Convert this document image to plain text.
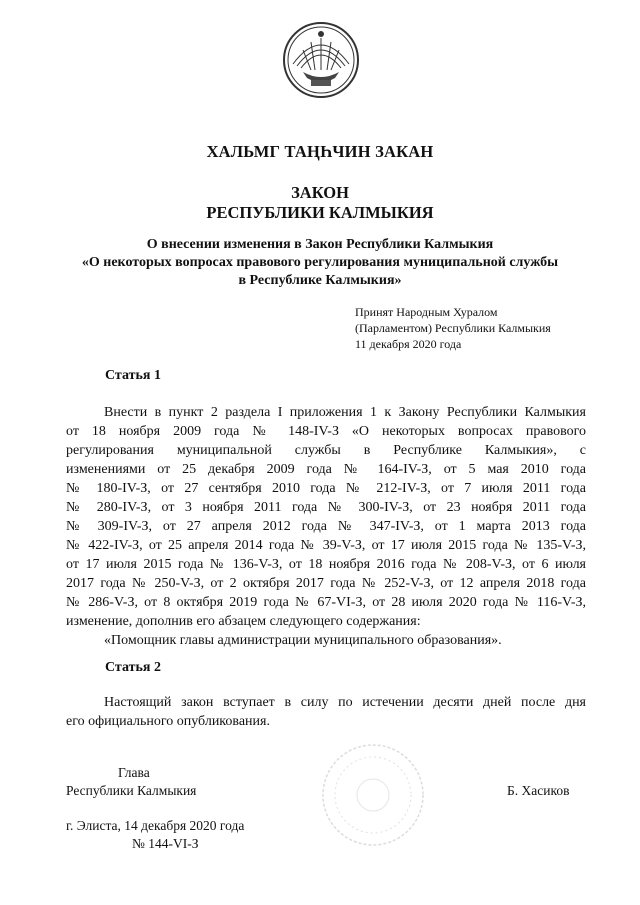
ХАЛЬМГ ТАҢҺЧИН ЗАКАН
ЗАКОН
РЕСПУБЛИКИ КАЛМЫКИЯ
О внесении изменения в Закон Республики Калмыкия
«О некоторых вопросах правового регулирования муниципальной службы
в Республике Калмыкия»
Принят Народным Хуралом
(Парламентом) Республики Калмыкия
11 декабря 2020 года
Статья 1
Внести в пункт 2 раздела I приложения 1 к Закону Республики Калмыкия
от 18 ноября 2009 года № 148-IV-З «О некоторых вопросах правового
регулирования муниципальной службы в Республике Калмыкия», с
изменениями от 25 декабря 2009 года № 164-IV-З, от 5 мая 2010 года
№ 180-IV-З, от 27 сентября 2010 года № 212-IV-З, от 7 июля 2011 года
№ 280-IV-З, от 3 ноября 2011 года № 300-IV-З, от 23 ноября 2011 года
№ 309-IV-З, от 27 апреля 2012 года № 347-IV-З, от 1 марта 2013 года
№ 422-IV-З, от 25 апреля 2014 года № 39-V-З, от 17 июля 2015 года № 135-V-З,
от 17 июля 2015 года № 136-V-З, от 18 ноября 2016 года № 208-V-З, от 6 июля
2017 года № 250-V-З, от 2 октября 2017 года № 252-V-З, от 12 апреля 2018 года
№ 286-V-З, от 8 октября 2019 года № 67-VI-З, от 28 июля 2020 года № 116-V-З,
изменение, дополнив его абзацем следующего содержания:
«Помощник главы администрации муниципального образования».
Статья 2
Настоящий закон вступает в силу по истечении десяти дней после дня
его официального опубликования.
Глава
Республики Калмыкия	Б. Хасиков
г. Элиста, 14 декабря 2020 года
№ 144-VI-З
